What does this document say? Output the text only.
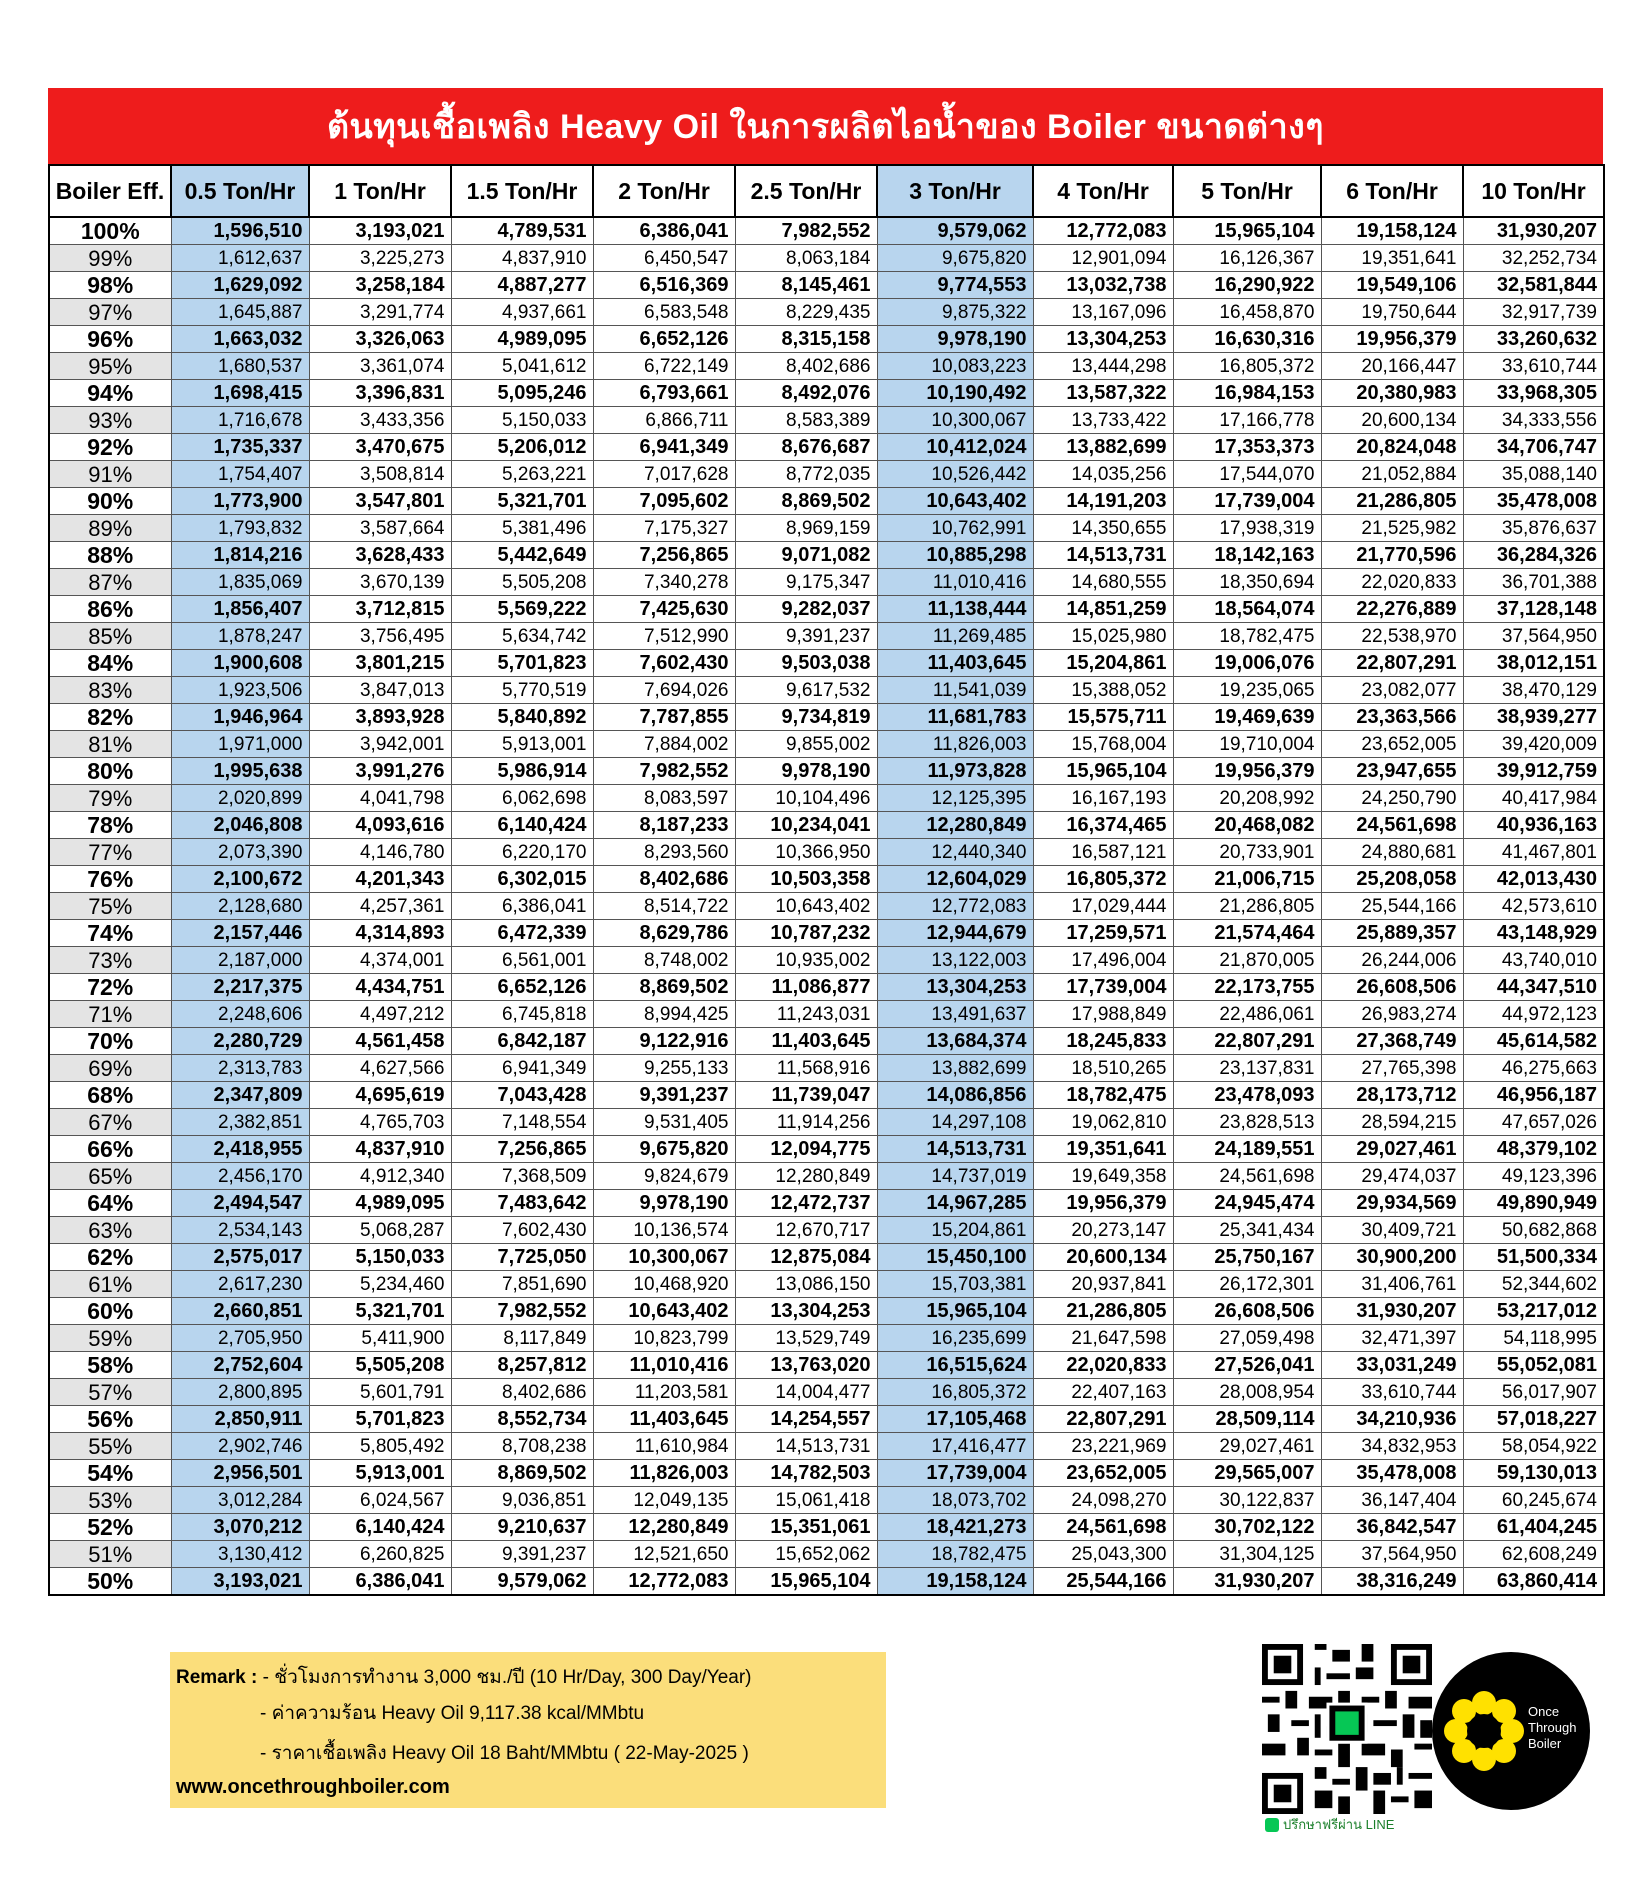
ต้นทุนเชื้อเพลิง Heavy Oil ในการผลิตไอน้ำของ Boiler ขนาดต่างๆ
Boiler Eff.	0.5 Ton/Hr	1 Ton/Hr	1.5 Ton/Hr	2 Ton/Hr	2.5 Ton/Hr	3 Ton/Hr	4 Ton/Hr	5 Ton/Hr	6 Ton/Hr	10 Ton/Hr
100%	1,596,510	3,193,021	4,789,531	6,386,041	7,982,552	9,579,062	12,772,083	15,965,104	19,158,124	31,930,207
99%	1,612,637	3,225,273	4,837,910	6,450,547	8,063,184	9,675,820	12,901,094	16,126,367	19,351,641	32,252,734
98%	1,629,092	3,258,184	4,887,277	6,516,369	8,145,461	9,774,553	13,032,738	16,290,922	19,549,106	32,581,844
97%	1,645,887	3,291,774	4,937,661	6,583,548	8,229,435	9,875,322	13,167,096	16,458,870	19,750,644	32,917,739
96%	1,663,032	3,326,063	4,989,095	6,652,126	8,315,158	9,978,190	13,304,253	16,630,316	19,956,379	33,260,632
95%	1,680,537	3,361,074	5,041,612	6,722,149	8,402,686	10,083,223	13,444,298	16,805,372	20,166,447	33,610,744
94%	1,698,415	3,396,831	5,095,246	6,793,661	8,492,076	10,190,492	13,587,322	16,984,153	20,380,983	33,968,305
93%	1,716,678	3,433,356	5,150,033	6,866,711	8,583,389	10,300,067	13,733,422	17,166,778	20,600,134	34,333,556
92%	1,735,337	3,470,675	5,206,012	6,941,349	8,676,687	10,412,024	13,882,699	17,353,373	20,824,048	34,706,747
91%	1,754,407	3,508,814	5,263,221	7,017,628	8,772,035	10,526,442	14,035,256	17,544,070	21,052,884	35,088,140
90%	1,773,900	3,547,801	5,321,701	7,095,602	8,869,502	10,643,402	14,191,203	17,739,004	21,286,805	35,478,008
89%	1,793,832	3,587,664	5,381,496	7,175,327	8,969,159	10,762,991	14,350,655	17,938,319	21,525,982	35,876,637
88%	1,814,216	3,628,433	5,442,649	7,256,865	9,071,082	10,885,298	14,513,731	18,142,163	21,770,596	36,284,326
87%	1,835,069	3,670,139	5,505,208	7,340,278	9,175,347	11,010,416	14,680,555	18,350,694	22,020,833	36,701,388
86%	1,856,407	3,712,815	5,569,222	7,425,630	9,282,037	11,138,444	14,851,259	18,564,074	22,276,889	37,128,148
85%	1,878,247	3,756,495	5,634,742	7,512,990	9,391,237	11,269,485	15,025,980	18,782,475	22,538,970	37,564,950
84%	1,900,608	3,801,215	5,701,823	7,602,430	9,503,038	11,403,645	15,204,861	19,006,076	22,807,291	38,012,151
83%	1,923,506	3,847,013	5,770,519	7,694,026	9,617,532	11,541,039	15,388,052	19,235,065	23,082,077	38,470,129
82%	1,946,964	3,893,928	5,840,892	7,787,855	9,734,819	11,681,783	15,575,711	19,469,639	23,363,566	38,939,277
81%	1,971,000	3,942,001	5,913,001	7,884,002	9,855,002	11,826,003	15,768,004	19,710,004	23,652,005	39,420,009
80%	1,995,638	3,991,276	5,986,914	7,982,552	9,978,190	11,973,828	15,965,104	19,956,379	23,947,655	39,912,759
79%	2,020,899	4,041,798	6,062,698	8,083,597	10,104,496	12,125,395	16,167,193	20,208,992	24,250,790	40,417,984
78%	2,046,808	4,093,616	6,140,424	8,187,233	10,234,041	12,280,849	16,374,465	20,468,082	24,561,698	40,936,163
77%	2,073,390	4,146,780	6,220,170	8,293,560	10,366,950	12,440,340	16,587,121	20,733,901	24,880,681	41,467,801
76%	2,100,672	4,201,343	6,302,015	8,402,686	10,503,358	12,604,029	16,805,372	21,006,715	25,208,058	42,013,430
75%	2,128,680	4,257,361	6,386,041	8,514,722	10,643,402	12,772,083	17,029,444	21,286,805	25,544,166	42,573,610
74%	2,157,446	4,314,893	6,472,339	8,629,786	10,787,232	12,944,679	17,259,571	21,574,464	25,889,357	43,148,929
73%	2,187,000	4,374,001	6,561,001	8,748,002	10,935,002	13,122,003	17,496,004	21,870,005	26,244,006	43,740,010
72%	2,217,375	4,434,751	6,652,126	8,869,502	11,086,877	13,304,253	17,739,004	22,173,755	26,608,506	44,347,510
71%	2,248,606	4,497,212	6,745,818	8,994,425	11,243,031	13,491,637	17,988,849	22,486,061	26,983,274	44,972,123
70%	2,280,729	4,561,458	6,842,187	9,122,916	11,403,645	13,684,374	18,245,833	22,807,291	27,368,749	45,614,582
69%	2,313,783	4,627,566	6,941,349	9,255,133	11,568,916	13,882,699	18,510,265	23,137,831	27,765,398	46,275,663
68%	2,347,809	4,695,619	7,043,428	9,391,237	11,739,047	14,086,856	18,782,475	23,478,093	28,173,712	46,956,187
67%	2,382,851	4,765,703	7,148,554	9,531,405	11,914,256	14,297,108	19,062,810	23,828,513	28,594,215	47,657,026
66%	2,418,955	4,837,910	7,256,865	9,675,820	12,094,775	14,513,731	19,351,641	24,189,551	29,027,461	48,379,102
65%	2,456,170	4,912,340	7,368,509	9,824,679	12,280,849	14,737,019	19,649,358	24,561,698	29,474,037	49,123,396
64%	2,494,547	4,989,095	7,483,642	9,978,190	12,472,737	14,967,285	19,956,379	24,945,474	29,934,569	49,890,949
63%	2,534,143	5,068,287	7,602,430	10,136,574	12,670,717	15,204,861	20,273,147	25,341,434	30,409,721	50,682,868
62%	2,575,017	5,150,033	7,725,050	10,300,067	12,875,084	15,450,100	20,600,134	25,750,167	30,900,200	51,500,334
61%	2,617,230	5,234,460	7,851,690	10,468,920	13,086,150	15,703,381	20,937,841	26,172,301	31,406,761	52,344,602
60%	2,660,851	5,321,701	7,982,552	10,643,402	13,304,253	15,965,104	21,286,805	26,608,506	31,930,207	53,217,012
59%	2,705,950	5,411,900	8,117,849	10,823,799	13,529,749	16,235,699	21,647,598	27,059,498	32,471,397	54,118,995
58%	2,752,604	5,505,208	8,257,812	11,010,416	13,763,020	16,515,624	22,020,833	27,526,041	33,031,249	55,052,081
57%	2,800,895	5,601,791	8,402,686	11,203,581	14,004,477	16,805,372	22,407,163	28,008,954	33,610,744	56,017,907
56%	2,850,911	5,701,823	8,552,734	11,403,645	14,254,557	17,105,468	22,807,291	28,509,114	34,210,936	57,018,227
55%	2,902,746	5,805,492	8,708,238	11,610,984	14,513,731	17,416,477	23,221,969	29,027,461	34,832,953	58,054,922
54%	2,956,501	5,913,001	8,869,502	11,826,003	14,782,503	17,739,004	23,652,005	29,565,007	35,478,008	59,130,013
53%	3,012,284	6,024,567	9,036,851	12,049,135	15,061,418	18,073,702	24,098,270	30,122,837	36,147,404	60,245,674
52%	3,070,212	6,140,424	9,210,637	12,280,849	15,351,061	18,421,273	24,561,698	30,702,122	36,842,547	61,404,245
51%	3,130,412	6,260,825	9,391,237	12,521,650	15,652,062	18,782,475	25,043,300	31,304,125	37,564,950	62,608,249
50%	3,193,021	6,386,041	9,579,062	12,772,083	15,965,104	19,158,124	25,544,166	31,930,207	38,316,249	63,860,414
Remark : - ชั่วโมงการทำงาน 3,000 ชม./ปี (10 Hr/Day, 300 Day/Year)
- ค่าความร้อน Heavy Oil 9,117.38 kcal/MMbtu
- ราคาเชื้อเพลิง Heavy Oil 18 Baht/MMbtu ( 22-May-2025 )
www.oncethroughboiler.com
ปรึกษาฟรีผ่าน LINE
Once
Through
Boiler
